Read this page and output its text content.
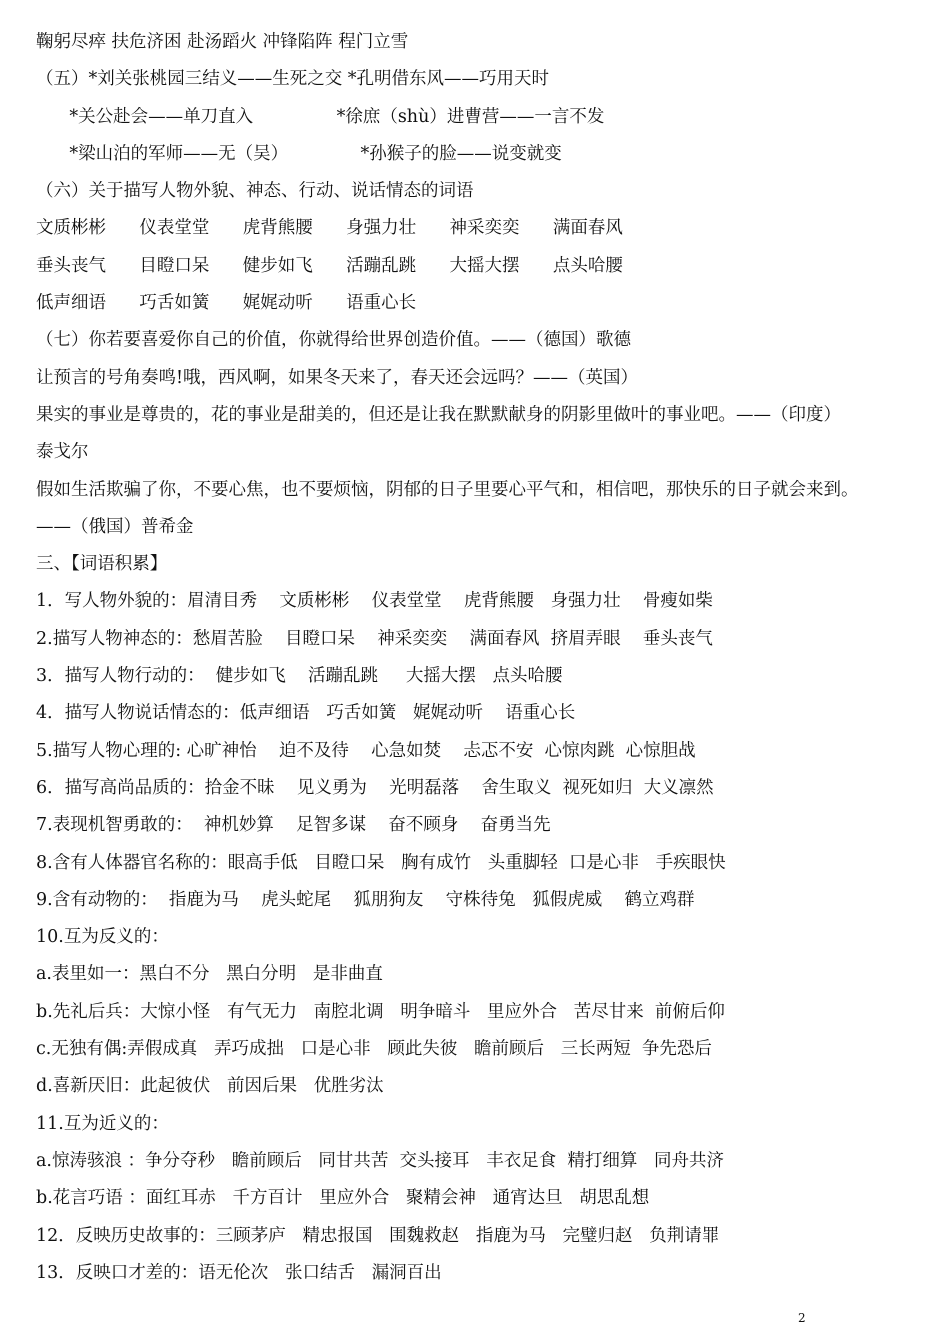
鞠躬尽瘁 扶危济困 赴汤蹈火 冲锋陷阵 程门立雪
（五）*刘关张桃园三结义——生死之交 *孔明借东风——巧用天时
*关公赴会——单刀直入               *徐庶（shù）进曹营——一言不发
*梁山泊的军师——无（吴）             *孙猴子的脸——说变就变
（六）关于描写人物外貌、神态、行动、说话情态的词语
文质彬彬      仪表堂堂      虎背熊腰      身强力壮      神采奕奕      满面春风
垂头丧气      目瞪口呆      健步如飞      活蹦乱跳      大摇大摆      点头哈腰
低声细语      巧舌如簧      娓娓动听      语重心长
（七）你若要喜爱你自己的价值，你就得给世界创造价值。——（德国）歌德
让预言的号角奏鸣!哦，西风啊，如果冬天来了，春天还会远吗？——（英国）
果实的事业是尊贵的，花的事业是甜美的，但还是让我在默默献身的阴影里做叶的事业吧。——（印度）
泰戈尔
假如生活欺骗了你，不要心焦，也不要烦恼，阴郁的日子里要心平气和，相信吧，那快乐的日子就会来到。
——（俄国）普希金
三、【词语积累】
1．写人物外貌的：眉清目秀    文质彬彬    仪表堂堂    虎背熊腰   身强力壮    骨瘦如柴
2.描写人物神态的：愁眉苦脸    目瞪口呆    神采奕奕    满面春风  挤眉弄眼    垂头丧气
3．描写人物行动的：  健步如飞    活蹦乱跳     大摇大摆   点头哈腰
4．描写人物说话情态的：低声细语   巧舌如簧   娓娓动听    语重心长
5.描写人物心理的: 心旷神怡    迫不及待    心急如焚    忐忑不安  心惊肉跳  心惊胆战
6．描写高尚品质的：拾金不昧    见义勇为    光明磊落    舍生取义  视死如归  大义凛然
7.表现机智勇敢的：  神机妙算    足智多谋    奋不顾身    奋勇当先
8.含有人体器官名称的：眼高手低   目瞪口呆   胸有成竹   头重脚轻  口是心非   手疾眼快
9.含有动物的：  指鹿为马    虎头蛇尾    狐朋狗友    守株待兔   狐假虎威    鹤立鸡群
10.互为反义的：
a.表里如一：黑白不分   黑白分明   是非曲直
b.先礼后兵：大惊小怪   有气无力   南腔北调   明争暗斗   里应外合   苦尽甘来  前俯后仰
c.无独有偶:弄假成真   弄巧成拙   口是心非   顾此失彼   瞻前顾后   三长两短  争先恐后
d.喜新厌旧：此起彼伏   前因后果   优胜劣汰
11.互为近义的：
a.惊涛骇浪 ：争分夺秒   瞻前顾后   同甘共苦  交头接耳   丰衣足食  精打细算   同舟共济
b.花言巧语 ：面红耳赤   千方百计   里应外合   聚精会神   通宵达旦   胡思乱想
12．反映历史故事的：三顾茅庐   精忠报国   围魏救赵   指鹿为马   完璧归赵   负荆请罪
13．反映口才差的：语无伦次   张口结舌   漏洞百出
2
